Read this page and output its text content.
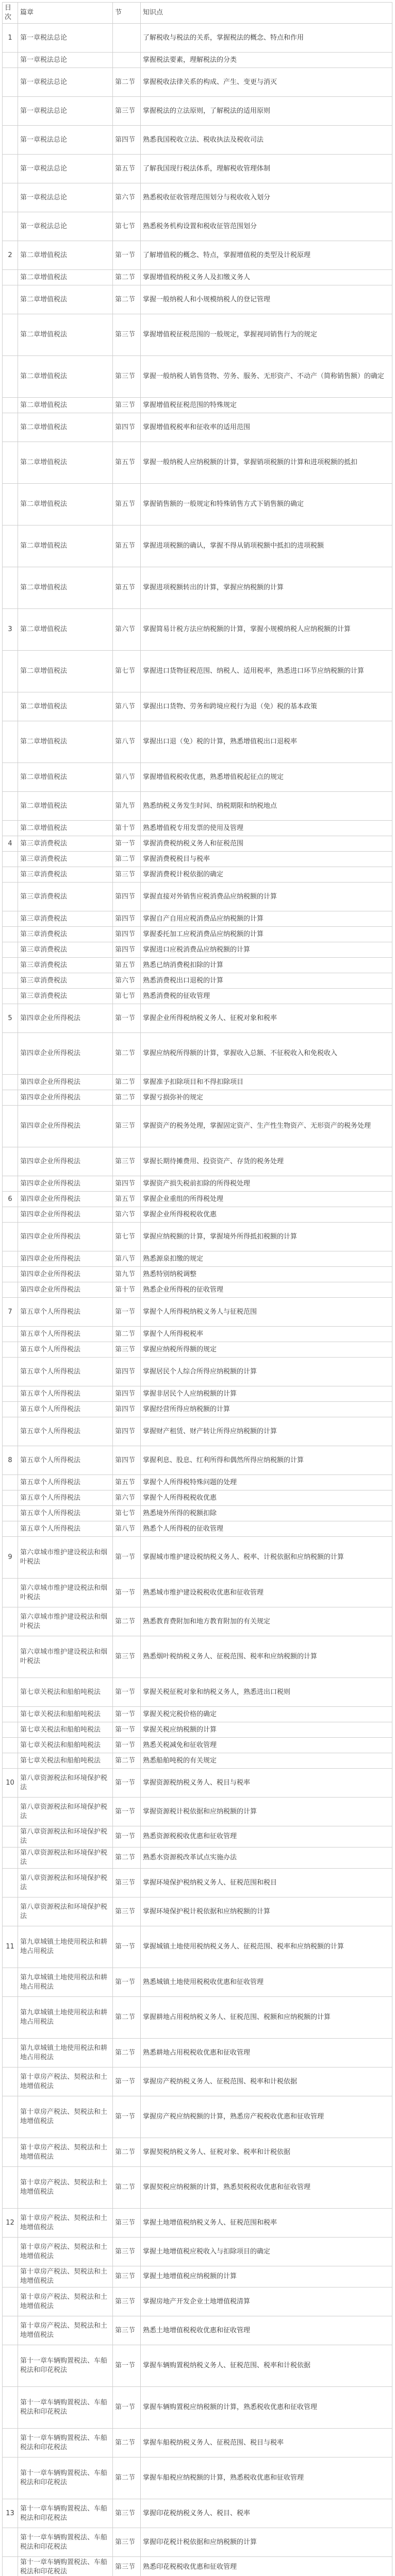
日次	篇章	节	知识点
1	第一章税法总论		了解税收与税法的关系，掌握税法的概念、特点和作用
	第一章税法总论		掌握税法要素，理解税法的分类
	第一章税法总论	第二节	掌握税收法律关系的构成、产生、变更与消灭
	第一章税法总论	第三节	掌握税法的立法原则，了解税法的适用原则
	第一章税法总论	第四节	熟悉我国税收立法、税收执法及税收司法
	第一章税法总论	第五节	了解我国现行税法体系，理解税收管理体制
	第一章税法总论	第六节	熟悉税收征收管理范围划分与税收收入划分
	第一章税法总论	第七节	熟悉税务机构设置和税收征管范围划分
2	第二章增值税法	第一节	了解增值税的概念、特点，掌握增值税的类型及计税原理
	第二章增值税法	第二节	掌握增值税纳税义务人及扣缴义务人
	第二章增值税法	第二节	掌握一般纳税人和小规模纳税人的登记管理
	第二章增值税法	第三节	掌握增值税征税范围的一般规定，掌握视同销售行为的规定
	第二章增值税法	第三节	掌握一般纳税人销售货物、劳务、服务、无形资产、不动产（简称销售额）的确定
	第二章增值税法	第三节	掌握增值税征税范围的特殊规定
	第二章增值税法	第四节	掌握增值税税率和征收率的适用范围
	第二章增值税法	第五节	掌握一般纳税人应纳税额的计算，掌握销项税额的计算和进项税额的抵扣
	第二章增值税法	第五节	掌握销售额的一般规定和特殊销售方式下销售额的确定
	第二章增值税法	第五节	掌握进项税额的确认，掌握不得从销项税额中抵扣的进项税额
	第二章增值税法	第五节	掌握进项税额转出的计算，掌握应纳税额的计算
3	第二章增值税法	第六节	掌握简易计税方法应纳税额的计算，掌握小规模纳税人应纳税额的计算
	第二章增值税法	第七节	掌握进口货物征税范围、纳税人、适用税率，熟悉进口环节应纳税额的计算
	第二章增值税法	第八节	掌握出口货物、劳务和跨境应税行为退（免）税的基本政策
	第二章增值税法	第八节	掌握出口退（免）税的计算，熟悉增值税出口退税率
	第二章增值税法	第八节	掌握增值税税收优惠，熟悉增值税起征点的规定
	第二章增值税法	第九节	熟悉纳税义务发生时间、纳税期限和纳税地点
	第二章增值税法	第十节	熟悉增值税专用发票的使用及管理
4	第三章消费税法	第一节	掌握消费税纳税义务人和征税范围
	第三章消费税法	第二节	掌握消费税税目与税率
	第三章消费税法	第三节	掌握消费税计税依据的确定
	第三章消费税法	第四节	掌握直接对外销售应税消费品应纳税额的计算
	第三章消费税法	第四节	掌握自产自用应税消费品应纳税额的计算
	第三章消费税法	第四节	掌握委托加工应税消费品应纳税额的计算
	第三章消费税法	第四节	掌握进口应税消费品应纳税额的计算
	第三章消费税法	第五节	熟悉已纳消费税扣除的计算
	第三章消费税法	第六节	熟悉消费税出口退税的计算
	第三章消费税法	第七节	熟悉消费税的征收管理
5	第四章企业所得税法	第一节	掌握企业所得税纳税义务人、征税对象和税率
	第四章企业所得税法	第二节	掌握应纳税所得额的计算，掌握收入总额、不征税收入和免税收入
	第四章企业所得税法	第二节	掌握准予扣除项目和不得扣除项目
	第四章企业所得税法	第二节	掌握亏损弥补的规定
	第四章企业所得税法	第三节	掌握资产的税务处理，掌握固定资产、生产性生物资产、无形资产的税务处理
	第四章企业所得税法	第三节	掌握长期待摊费用、投资资产、存货的税务处理
	第四章企业所得税法	第四节	掌握资产损失税前扣除的所得税处理
6	第四章企业所得税法	第五节	掌握企业重组的所得税处理
	第四章企业所得税法	第六节	掌握企业所得税税收优惠
	第四章企业所得税法	第七节	掌握应纳税额的计算，掌握境外所得抵扣税额的计算
	第四章企业所得税法	第八节	熟悉源泉扣缴的规定
	第四章企业所得税法	第九节	熟悉特别纳税调整
	第四章企业所得税法	第十节	熟悉企业所得税的征收管理
7	第五章个人所得税法	第一节	掌握个人所得税纳税义务人与征税范围
	第五章个人所得税法	第二节	掌握个人所得税税率
	第五章个人所得税法	第三节	掌握应纳税所得额的规定
	第五章个人所得税法	第四节	掌握居民个人综合所得应纳税额的计算
	第五章个人所得税法	第四节	掌握非居民个人应纳税额的计算
	第五章个人所得税法	第四节	掌握经营所得应纳税额的计算
	第五章个人所得税法	第四节	掌握财产租赁、财产转让所得应纳税额的计算
8	第五章个人所得税法	第四节	掌握利息、股息、红利所得和偶然所得应纳税额的计算
	第五章个人所得税法	第五节	掌握个人所得税特殊问题的处理
	第五章个人所得税法	第六节	掌握个人所得税税收优惠
	第五章个人所得税法	第七节	熟悉境外所得的税额扣除
	第五章个人所得税法	第八节	熟悉个人所得税的征收管理
9	第六章城市维护建设税法和烟叶税法	第一节	掌握城市维护建设税纳税义务人、税率、计税依据和应纳税额的计算
	第六章城市维护建设税法和烟叶税法	第一节	熟悉城市维护建设税税收优惠和征收管理
	第六章城市维护建设税法和烟叶税法	第二节	熟悉教育费附加和地方教育附加的有关规定
	第六章城市维护建设税法和烟叶税法	第三节	熟悉烟叶税纳税义务人、征税范围、税率和应纳税额的计算
	第七章关税法和船舶吨税法	第一节	掌握关税征税对象和纳税义务人，熟悉进出口税则
	第七章关税法和船舶吨税法	第一节	掌握关税完税价格的确定
	第七章关税法和船舶吨税法	第一节	掌握关税应纳税额的计算
	第七章关税法和船舶吨税法	第一节	熟悉关税减免和征收管理
	第七章关税法和船舶吨税法	第二节	熟悉船舶吨税的有关规定
10	第八章资源税法和环境保护税法	第一节	掌握资源税纳税义务人、税目与税率
	第八章资源税法和环境保护税法	第一节	掌握资源税计税依据和应纳税额的计算
	第八章资源税法和环境保护税法	第一节	熟悉资源税税收优惠和征收管理
	第八章资源税法和环境保护税法	第二节	熟悉水资源税改革试点实施办法
	第八章资源税法和环境保护税法	第三节	掌握环境保护税纳税义务人、征税范围和税目
	第八章资源税法和环境保护税法	第三节	掌握环境保护税计税依据和应纳税额的计算
11	第九章城镇土地使用税法和耕地占用税法	第一节	掌握城镇土地使用税纳税义务人、征税范围、税率和应纳税额的计算
	第九章城镇土地使用税法和耕地占用税法	第一节	熟悉城镇土地使用税税收优惠和征收管理
	第九章城镇土地使用税法和耕地占用税法	第二节	掌握耕地占用税纳税义务人、征税范围、税额和应纳税额的计算
	第九章城镇土地使用税法和耕地占用税法	第二节	熟悉耕地占用税税收优惠和征收管理
	第十章房产税法、契税法和土地增值税法	第一节	掌握房产税纳税义务人、征税范围、税率和计税依据
	第十章房产税法、契税法和土地增值税法	第一节	掌握房产税应纳税额的计算，熟悉房产税税收优惠和征收管理
	第十章房产税法、契税法和土地增值税法	第二节	掌握契税纳税义务人、征税对象、税率和计税依据
	第十章房产税法、契税法和土地增值税法	第二节	掌握契税应纳税额的计算，熟悉契税税收优惠和征收管理
12	第十章房产税法、契税法和土地增值税法	第三节	掌握土地增值税纳税义务人、征税范围和税率
	第十章房产税法、契税法和土地增值税法	第三节	掌握土地增值税应税收入与扣除项目的确定
	第十章房产税法、契税法和土地增值税法	第三节	掌握土地增值税应纳税额的计算
	第十章房产税法、契税法和土地增值税法	第三节	掌握房地产开发企业土地增值税清算
	第十章房产税法、契税法和土地增值税法	第三节	熟悉土地增值税税收优惠和征收管理
	第十一章车辆购置税法、车船税法和印花税法	第一节	掌握车辆购置税纳税义务人、征税范围、税率和计税依据
	第十一章车辆购置税法、车船税法和印花税法	第一节	掌握车辆购置税应纳税额的计算，熟悉税收优惠和征收管理
	第十一章车辆购置税法、车船税法和印花税法	第二节	掌握车船税纳税义务人、征税范围、税目与税率
	第十一章车辆购置税法、车船税法和印花税法	第二节	掌握车船税应纳税额的计算，熟悉税收优惠和征收管理
13	第十一章车辆购置税法、车船税法和印花税法	第三节	掌握印花税纳税义务人、税目、税率
	第十一章车辆购置税法、车船税法和印花税法	第三节	掌握印花税计税依据和应纳税额的计算
	第十一章车辆购置税法、车船税法和印花税法	第三节	熟悉印花税税收优惠和征收管理
